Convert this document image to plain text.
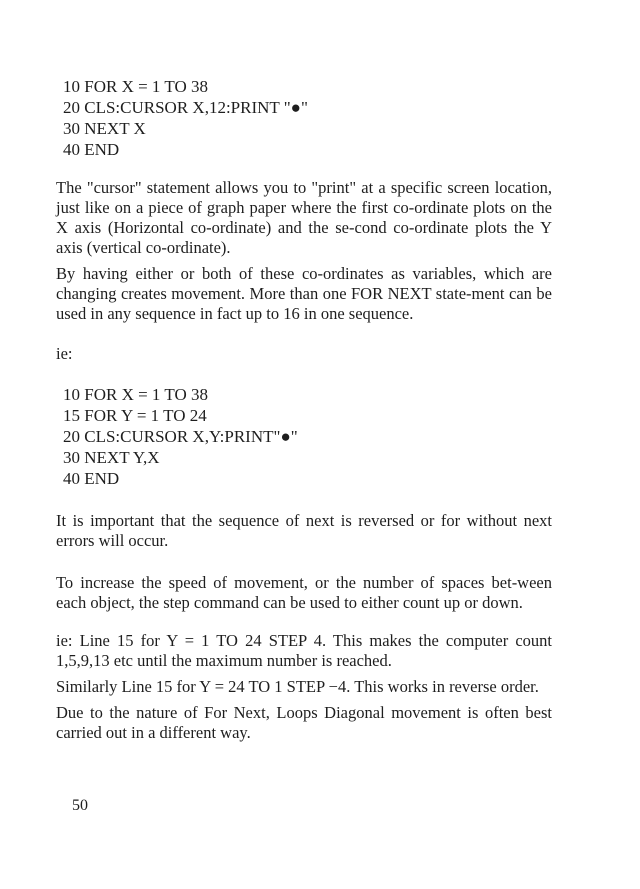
10 FOR X = 1 TO 38
20 CLS:CURSOR X,12:PRINT "●"
30 NEXT X
40 END

The "cursor" statement allows you to "print" at a specific screen location, just like on a piece of graph paper where the first co-ordinate plots on the X axis (Horizontal co-ordinate) and the se-cond co-ordinate plots the Y axis (vertical co-ordinate).

By having either or both of these co-ordinates as variables, which are changing creates movement. More than one FOR NEXT state-ment can be used in any sequence in fact up to 16 in one sequence.

ie:

10 FOR X = 1 TO 38
15 FOR Y = 1 TO 24
20 CLS:CURSOR X,Y:PRINT"●"
30 NEXT Y,X
40 END

It is important that the sequence of next is reversed or for without next errors will occur.

To increase the speed of movement, or the number of spaces bet-ween each object, the step command can be used to either count up or down.

ie: Line 15 for Y = 1 TO 24 STEP 4. This makes the computer count 1,5,9,13 etc until the maximum number is reached.

Similarly Line 15 for Y = 24 TO 1 STEP −4. This works in reverse order.

Due to the nature of For Next, Loops Diagonal movement is often best carried out in a different way.

50
